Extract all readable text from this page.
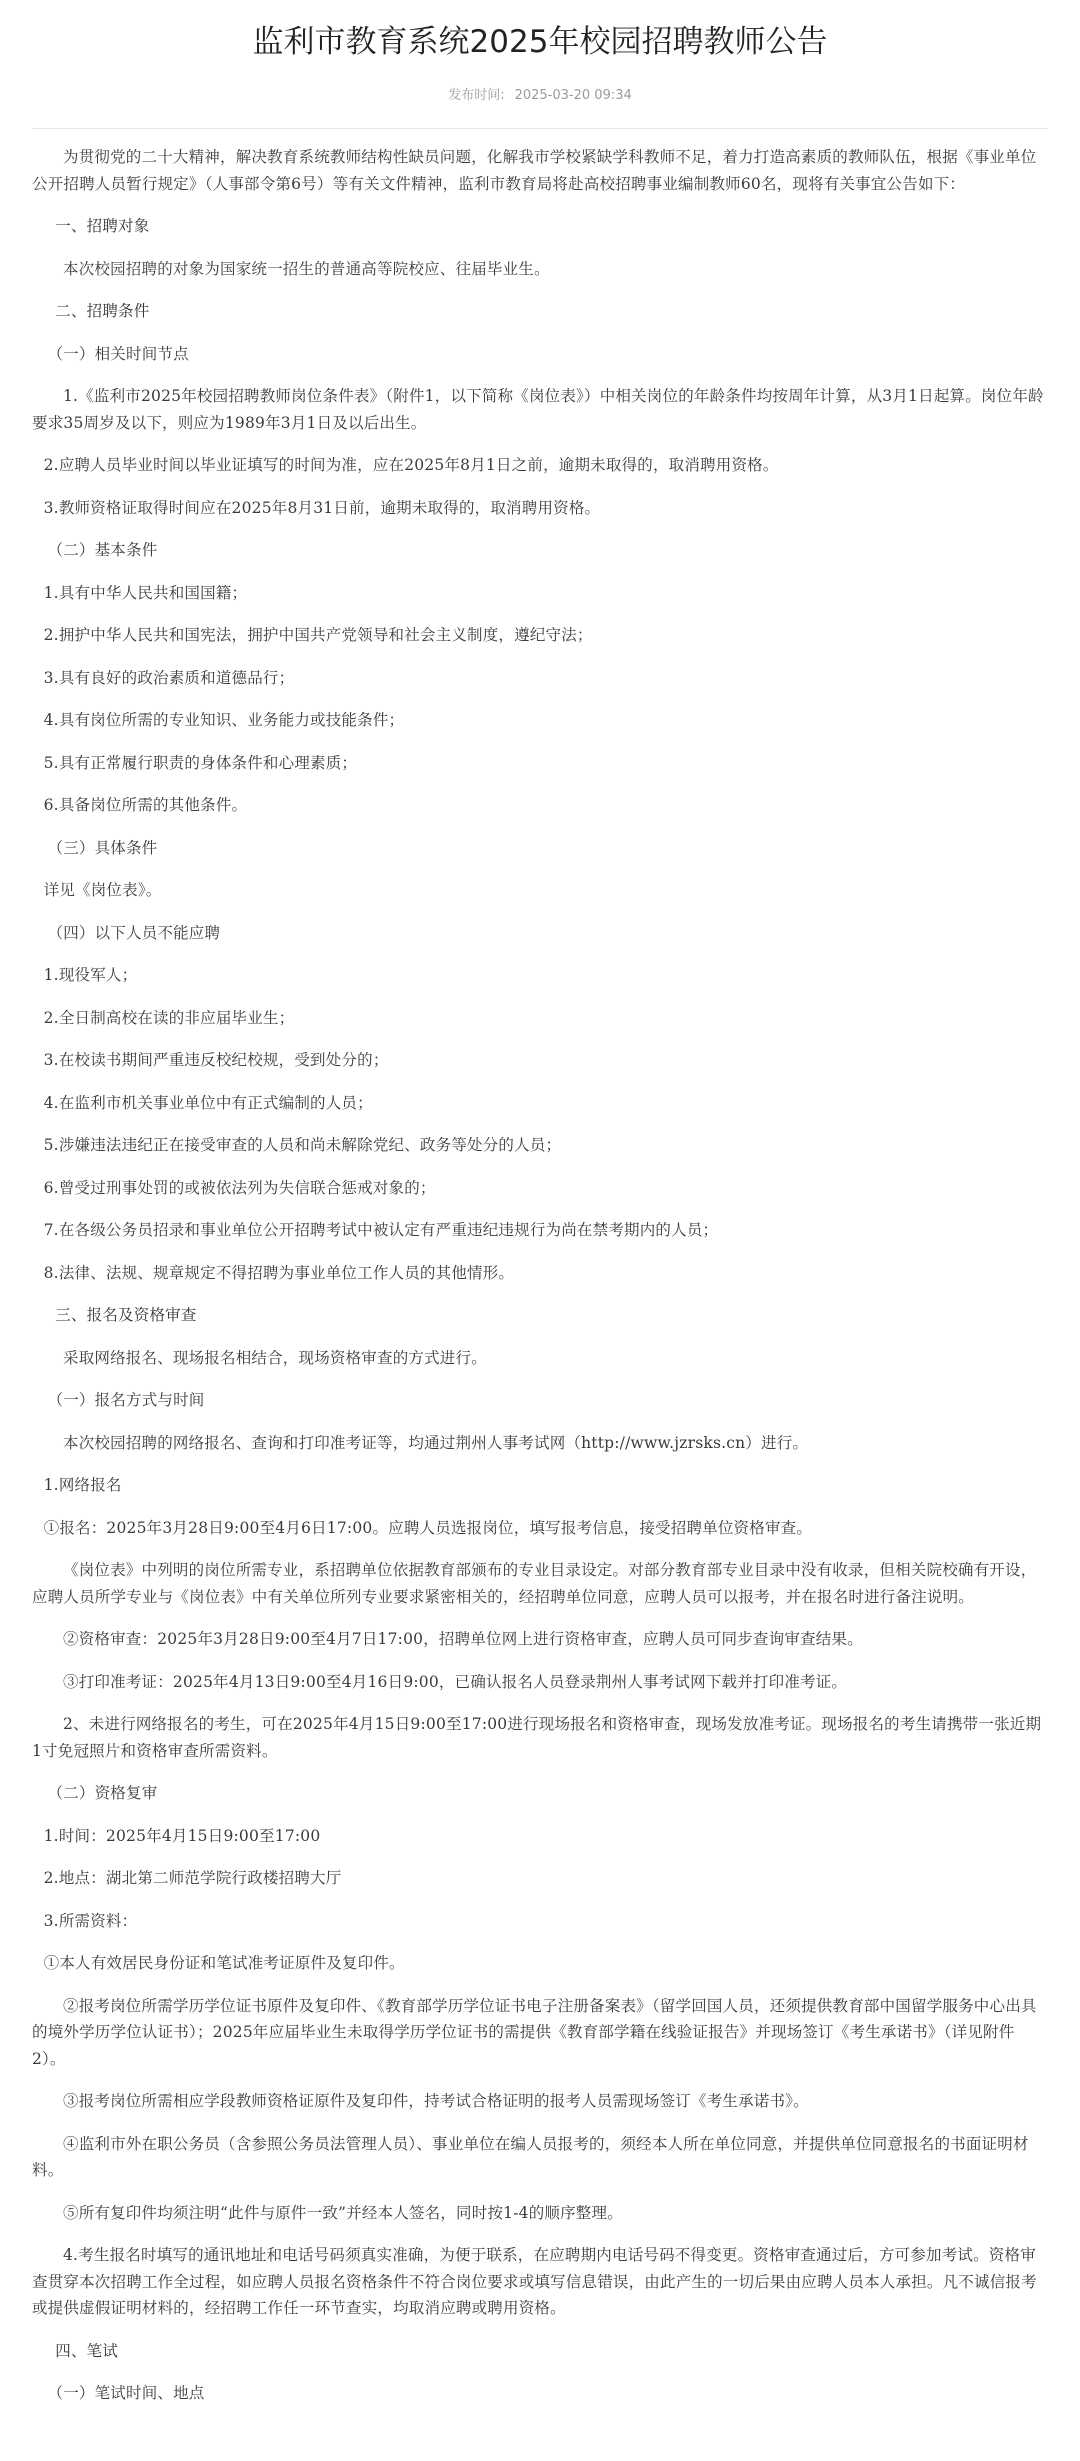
监利市教育系统2025年校园招聘教师公告
发布时间: 2025-03-20 09:34

为贯彻党的二十大精神，解决教育系统教师结构性缺员问题，化解我市学校紧缺学科教师不足，着力打造高素质的教师队伍，根据《事业单位公开招聘人员暂行规定》（人事部令第6号）等有关文件精神，监利市教育局将赴高校招聘事业编制教师60名，现将有关事宜公告如下：

一、招聘对象

本次校园招聘的对象为国家统一招生的普通高等院校应、往届毕业生。

二、招聘条件

（一）相关时间节点

1.《监利市2025年校园招聘教师岗位条件表》（附件1，以下简称《岗位表》）中相关岗位的年龄条件均按周年计算，从3月1日起算。岗位年龄要求35周岁及以下，则应为1989年3月1日及以后出生。

2.应聘人员毕业时间以毕业证填写的时间为准，应在2025年8月1日之前，逾期未取得的，取消聘用资格。

3.教师资格证取得时间应在2025年8月31日前，逾期未取得的，取消聘用资格。

（二）基本条件

1.具有中华人民共和国国籍；

2.拥护中华人民共和国宪法，拥护中国共产党领导和社会主义制度，遵纪守法；

3.具有良好的政治素质和道德品行；

4.具有岗位所需的专业知识、业务能力或技能条件；

5.具有正常履行职责的身体条件和心理素质；

6.具备岗位所需的其他条件。

（三）具体条件

详见《岗位表》。

（四）以下人员不能应聘

1.现役军人；

2.全日制高校在读的非应届毕业生；

3.在校读书期间严重违反校纪校规，受到处分的；

4.在监利市机关事业单位中有正式编制的人员；

5.涉嫌违法违纪正在接受审查的人员和尚未解除党纪、政务等处分的人员；

6.曾受过刑事处罚的或被依法列为失信联合惩戒对象的；

7.在各级公务员招录和事业单位公开招聘考试中被认定有严重违纪违规行为尚在禁考期内的人员；

8.法律、法规、规章规定不得招聘为事业单位工作人员的其他情形。

三、报名及资格审查

采取网络报名、现场报名相结合，现场资格审查的方式进行。

（一）报名方式与时间

本次校园招聘的网络报名、查询和打印准考证等，均通过荆州人事考试网（http://www.jzrsks.cn）进行。

1.网络报名

①报名：2025年3月28日9:00至4月6日17:00。应聘人员选报岗位，填写报考信息，接受招聘单位资格审查。

《岗位表》中列明的岗位所需专业，系招聘单位依据教育部颁布的专业目录设定。对部分教育部专业目录中没有收录，但相关院校确有开设，应聘人员所学专业与《岗位表》中有关单位所列专业要求紧密相关的，经招聘单位同意，应聘人员可以报考，并在报名时进行备注说明。

②资格审查：2025年3月28日9:00至4月7日17:00，招聘单位网上进行资格审查，应聘人员可同步查询审查结果。

③打印准考证：2025年4月13日9:00至4月16日9:00，已确认报名人员登录荆州人事考试网下载并打印准考证。

2、未进行网络报名的考生，可在2025年4月15日9:00至17:00进行现场报名和资格审查，现场发放准考证。现场报名的考生请携带一张近期1寸免冠照片和资格审查所需资料。

（二）资格复审

1.时间：2025年4月15日9:00至17:00

2.地点：湖北第二师范学院行政楼招聘大厅

3.所需资料：

①本人有效居民身份证和笔试准考证原件及复印件。

②报考岗位所需学历学位证书原件及复印件、《教育部学历学位证书电子注册备案表》（留学回国人员，还须提供教育部中国留学服务中心出具的境外学历学位认证书）；2025年应届毕业生未取得学历学位证书的需提供《教育部学籍在线验证报告》并现场签订《考生承诺书》（详见附件2）。

③报考岗位所需相应学段教师资格证原件及复印件，持考试合格证明的报考人员需现场签订《考生承诺书》。

④监利市外在职公务员（含参照公务员法管理人员）、事业单位在编人员报考的，须经本人所在单位同意，并提供单位同意报名的书面证明材料。

⑤所有复印件均须注明“此件与原件一致”并经本人签名，同时按1-4的顺序整理。

4.考生报名时填写的通讯地址和电话号码须真实准确，为便于联系，在应聘期内电话号码不得变更。资格审查通过后，方可参加考试。资格审查贯穿本次招聘工作全过程，如应聘人员报名资格条件不符合岗位要求或填写信息错误，由此产生的一切后果由应聘人员本人承担。凡不诚信报考或提供虚假证明材料的，经招聘工作任一环节查实，均取消应聘或聘用资格。

四、笔试

（一）笔试时间、地点
